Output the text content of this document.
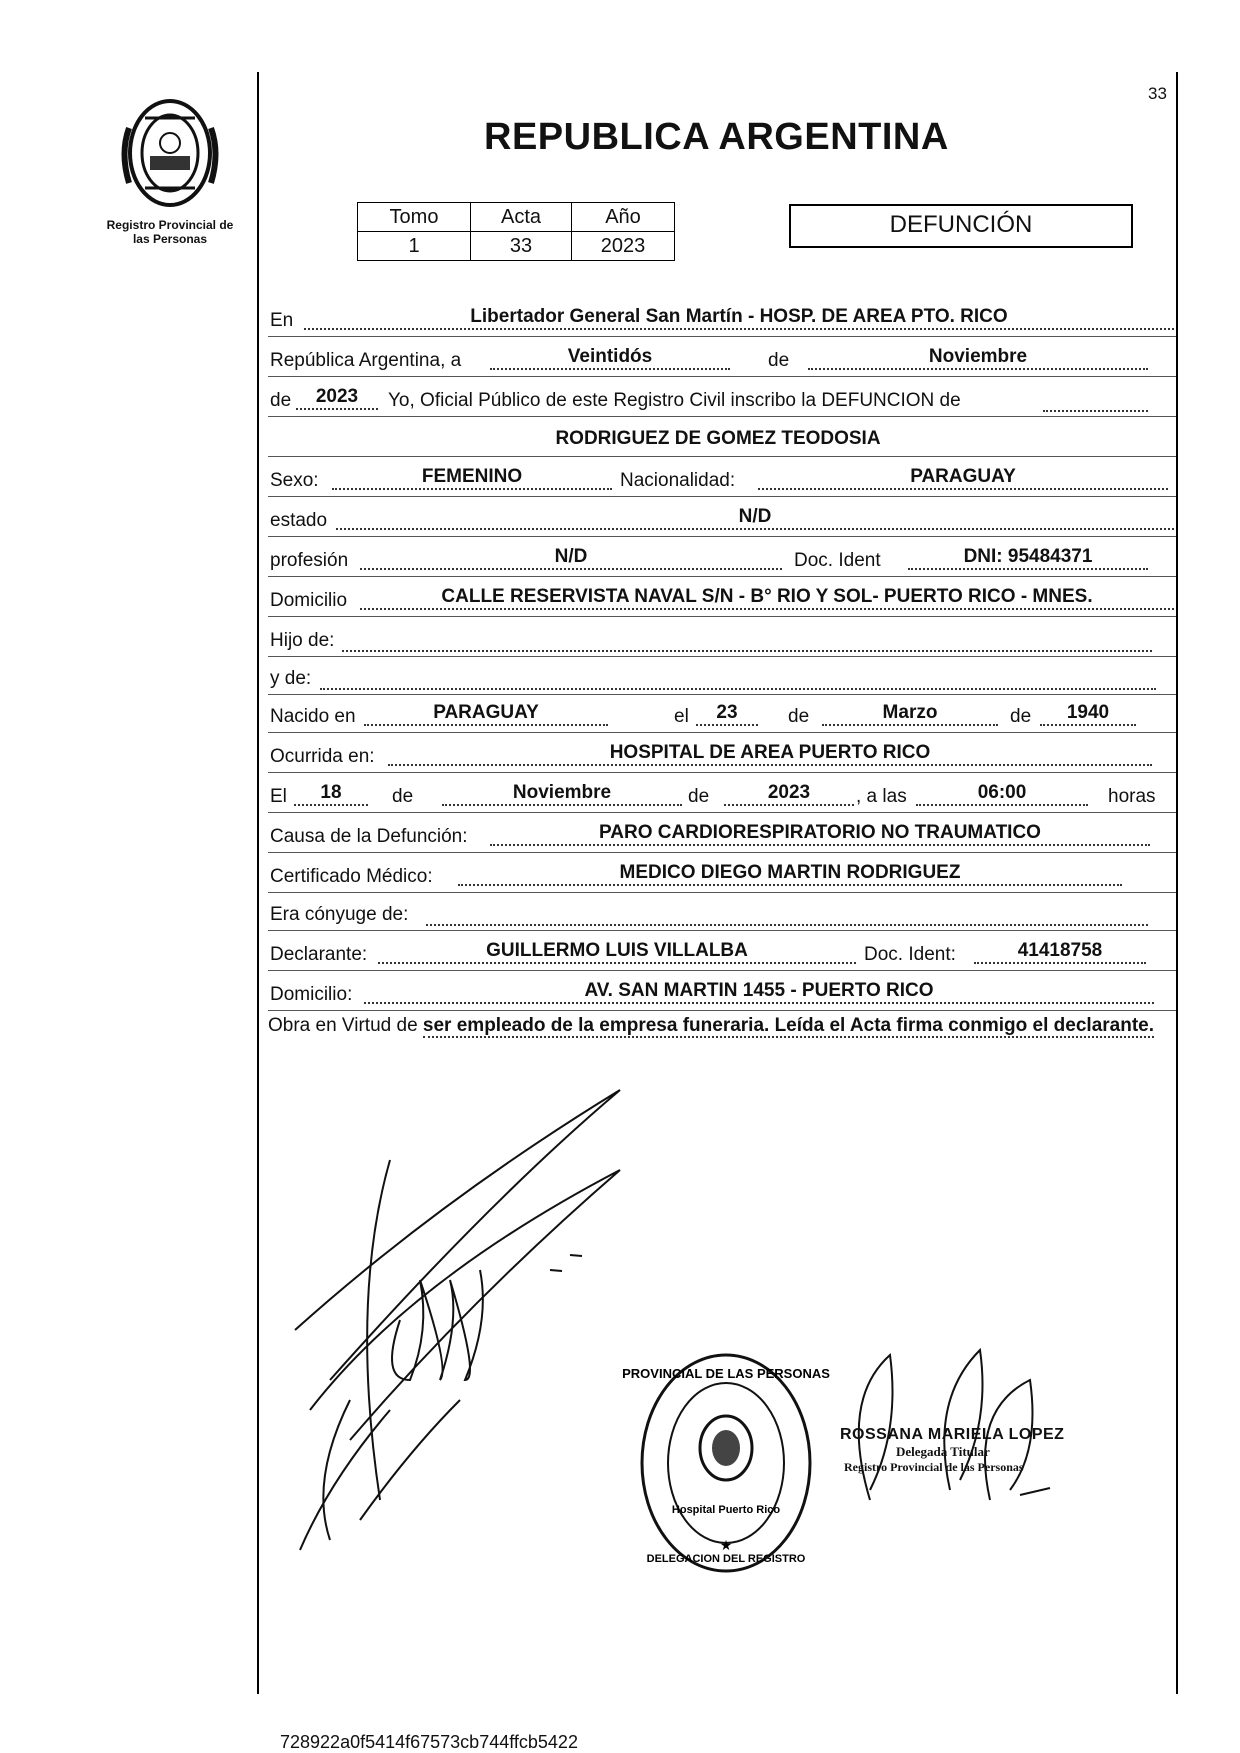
Registro Provincial de
las Personas
33
REPUBLICA ARGENTINA
Tomo	Acta	Año
1	33	2023
DEFUNCIÓN
En	Libertador General San Martín - HOSP. DE AREA PTO. RICO
República Argentina, a	Veintidós	de	Noviembre
de	2023	Yo, Oficial Público de este Registro Civil inscribo la DEFUNCION de
RODRIGUEZ DE GOMEZ TEODOSIA
Sexo:	FEMENINO	Nacionalidad:	PARAGUAY
estado	N/D
profesión	N/D	Doc. Ident	DNI: 95484371
Domicilio	CALLE RESERVISTA NAVAL S/N - B° RIO Y SOL- PUERTO RICO - MNES.
Hijo de:
y de:
Nacido en	PARAGUAY	el	23	de	Marzo	de	1940
Ocurrida en:	HOSPITAL DE AREA PUERTO RICO
El	18	de	Noviembre	de	2023	, a las	06:00	horas
Causa de la Defunción:	PARO CARDIORESPIRATORIO NO TRAUMATICO
Certificado Médico:	MEDICO DIEGO MARTIN RODRIGUEZ
Era cónyuge de:
Declarante:	GUILLERMO LUIS VILLALBA	Doc. Ident:	41418758
Domicilio:	AV. SAN MARTIN 1455 - PUERTO RICO
Obra en Virtud de ser empleado de la empresa funeraria. Leída el Acta firma conmigo el declarante.
PROVINCIAL DE LAS PERSONAS
DELEGACION DEL REGISTRO
Hospital Puerto Rico
★
ROSSANA MARIELA LOPEZ
Delegada Titular
Registro Provincial de las Personas
728922a0f5414f67573cb744ffcb5422
